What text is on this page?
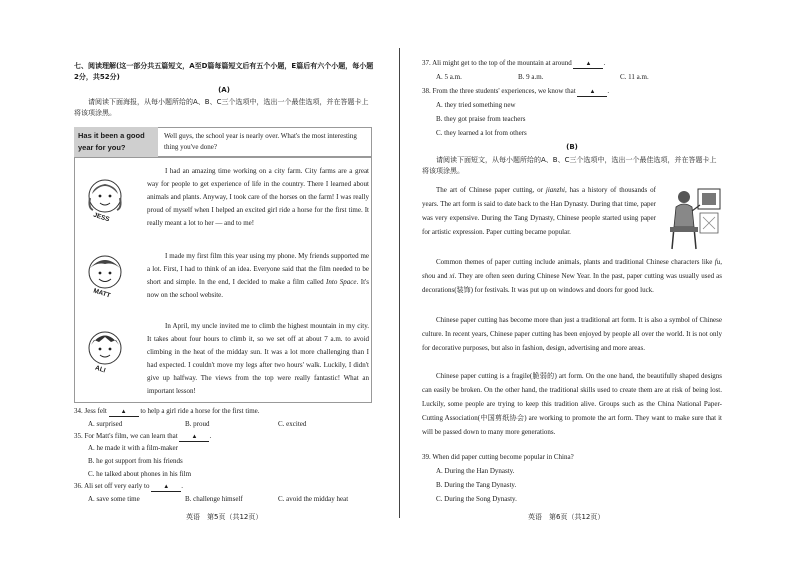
七、阅读理解(这一部分共五篇短文，A至D篇每篇短文后有五个小题，E篇后有六个小题，每小题2分，共52分)

(A)

请阅读下面海报，从每小题所给的A、B、C三个选项中，选出一个最佳选项，并在答题卡上将该项涂黑。

Has it been a good year for you?
Well guys, the school year is nearly over. What's the most interesting thing you've done?
JESS

I had an amazing time working on a city farm. City farms are a great way for people to get experience of life in the country. There I learned about animals and plants. Anyway, I took care of the horses on the farm! I was really proud of myself when I helped an excited girl ride a horse for the first time. It really meant a lot to her — and to me!

MATT

I made my first film this year using my phone. My friends supported me a lot. First, I had to think of an idea. Everyone said that the film needed to be short and simple. In the end, I decided to make a film called Into Space. It's now on the school website.

ALI

In April, my uncle invited me to climb the highest mountain in my city. It takes about four hours to climb it, so we set off at about 7 a.m. to avoid climbing in the heat of the midday sun. It was a lot more challenging than I had expected. I couldn't move my legs after two hours' walk. Luckily, I didn't give up halfway. The views from the top were really fantastic! What an important lesson!

34. Jess felt ▲ to help a girl ride a horse for the first time.

A. surprised	B. proud	C. excited

35. For Matt's film, we can learn that ▲ .

A. he made it with a film-maker
B. he got support from his friends
C. he talked about phones in his film

36. Ali set off very early to ▲ .

A. save some time	B. challenge himself	C. avoid the midday heat
英语　第5页（共12页）

37. Ali might get to the top of the mountain at around ▲ .

A. 5 a.m.	B. 9 a.m.	C. 11 a.m.

38. From the three students' experiences, we know that ▲ .

A. they tried something new
B. they got praise from teachers
C. they learned a lot from others

(B)

请阅读下面短文，从每小题所给的A、B、C三个选项中，选出一个最佳选项，并在答题卡上将该项涂黑。

The art of Chinese paper cutting, or jianzhi, has a history of thousands of years. The art form is said to date back to the Han Dynasty. During that time, paper was very expensive. During the Tang Dynasty, Chinese people started using paper for artistic expression. Paper cutting became popular.

Common themes of paper cutting include animals, plants and traditional Chinese characters like fu, shou and xi. They are often seen during Chinese New Year. In the past, paper cutting was usually used as decorations(装饰) for festivals. It was put up on windows and doors for good luck.

Chinese paper cutting has become more than just a traditional art form. It is also a symbol of Chinese culture. In recent years, Chinese paper cutting has been enjoyed by people all over the world. It is not only for decorative purposes, but also in fashion, design, advertising and more areas.

Chinese paper cutting is a fragile(脆弱的) art form. On the one hand, the beautifully shaped designs can easily be broken. On the other hand, the traditional skills used to create them are at risk of being lost. Luckily, some people are trying to keep this tradition alive. Groups such as the China National Paper-Cutting Association(中国剪纸协会) are working to promote the art form. They want to make sure that it will be passed down to many more generations.

39. When did paper cutting become popular in China?

A. During the Han Dynasty.
B. During the Tang Dynasty.
C. During the Song Dynasty.
英语　第6页（共12页）
